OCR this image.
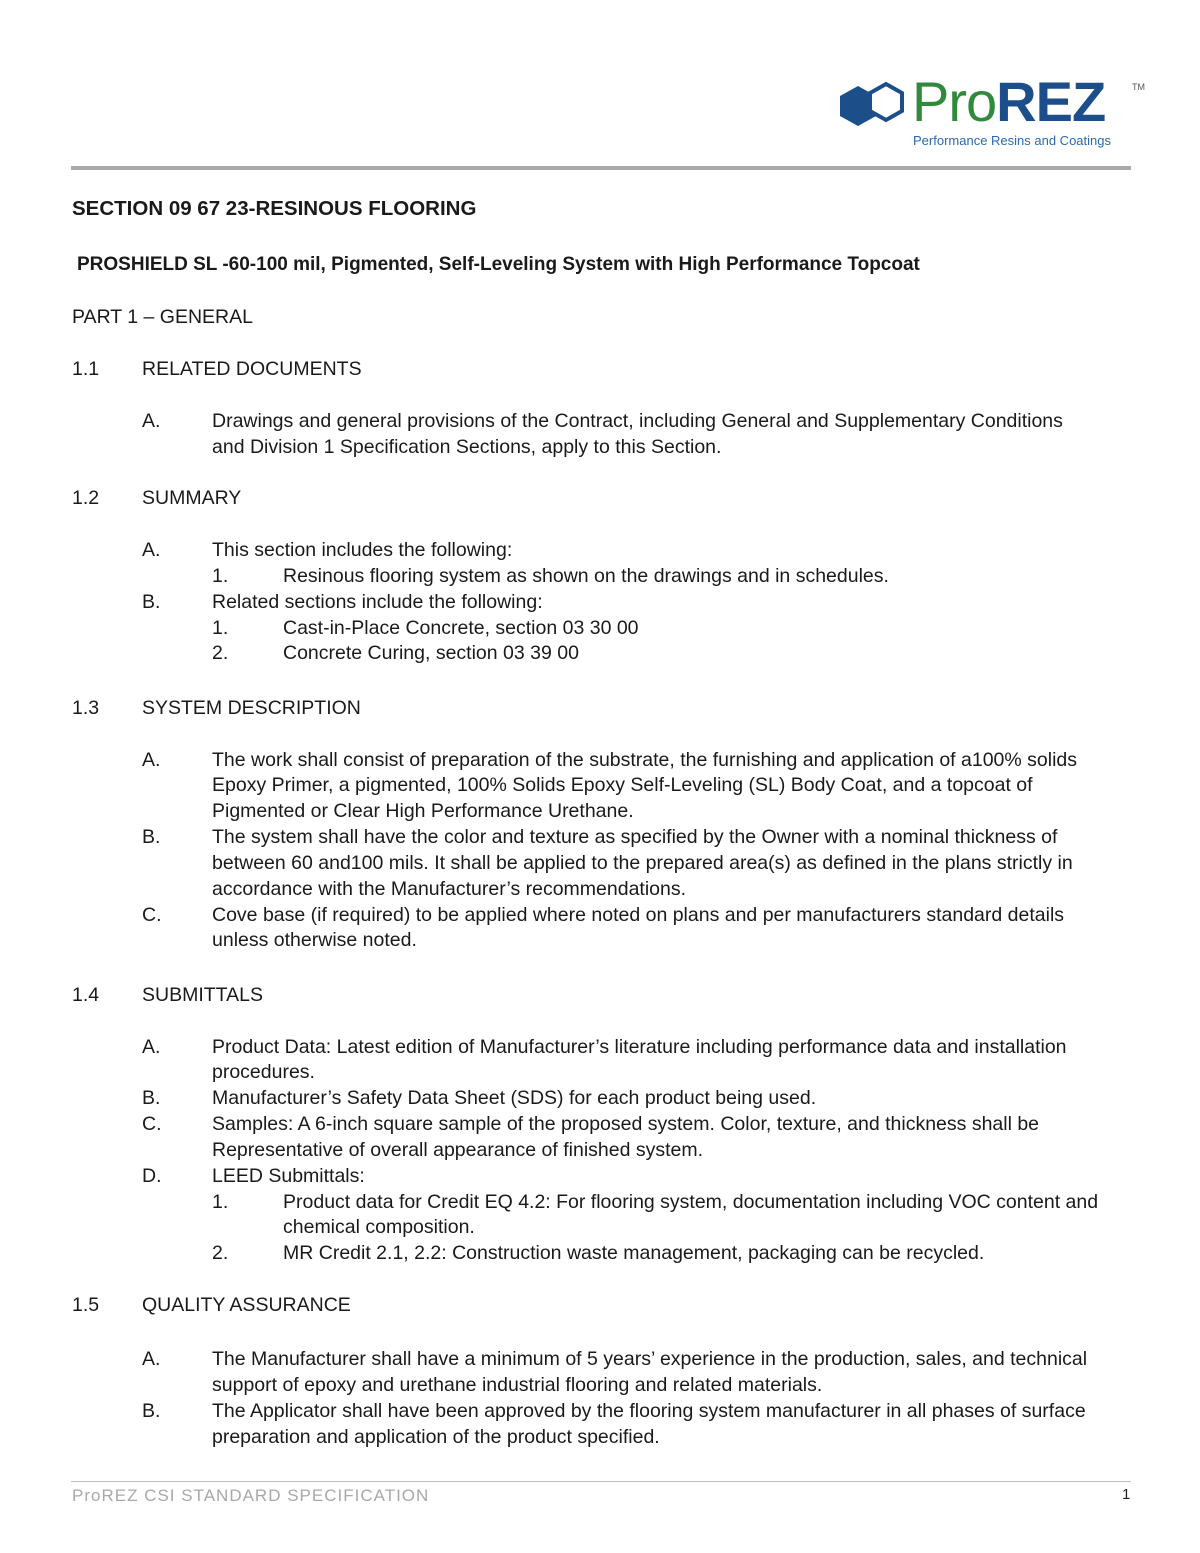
ProREZ	TM
Performance Resins and Coatings
SECTION 09 67 23-RESINOUS FLOORING
PROSHIELD SL -60-100 mil, Pigmented, Self-Leveling System with High Performance Topcoat
PART 1 – GENERAL
1.1 RELATED DOCUMENTS
A.	Drawings and general provisions of the Contract, including General and Supplementary Conditions
and Division 1 Specification Sections, apply to this Section.
1.2 SUMMARY
A.	This section includes the following:
1.	Resinous flooring system as shown on the drawings and in schedules.
B.	Related sections include the following:
1.	Cast-in-Place Concrete, section 03 30 00
2.	Concrete Curing, section 03 39 00
1.3 SYSTEM DESCRIPTION
A.	The work shall consist of preparation of the substrate, the furnishing and application of a100% solids
Epoxy Primer, a pigmented, 100% Solids Epoxy Self-Leveling (SL) Body Coat, and a topcoat of
Pigmented or Clear High Performance Urethane.
B.	The system shall have the color and texture as specified by the Owner with a nominal thickness of
between 60 and100 mils. It shall be applied to the prepared area(s) as defined in the plans strictly in
accordance with the Manufacturer’s recommendations.
C.	Cove base (if required) to be applied where noted on plans and per manufacturers standard details
unless otherwise noted.
1.4 SUBMITTALS
A.	Product Data: Latest edition of Manufacturer’s literature including performance data and installation
procedures.
B.	Manufacturer’s Safety Data Sheet (SDS) for each product being used.
C.	Samples: A 6-inch square sample of the proposed system. Color, texture, and thickness shall be
Representative of overall appearance of finished system.
D.	LEED Submittals:
1.	Product data for Credit EQ 4.2: For flooring system, documentation including VOC content and
chemical composition.
2.	MR Credit 2.1, 2.2: Construction waste management, packaging can be recycled.
1.5 QUALITY ASSURANCE
A.	The Manufacturer shall have a minimum of 5 years’ experience in the production, sales, and technical
support of epoxy and urethane industrial flooring and related materials.
B.	The Applicator shall have been approved by the flooring system manufacturer in all phases of surface
preparation and application of the product specified.
ProREZ CSI STANDARD SPECIFICATION	1
